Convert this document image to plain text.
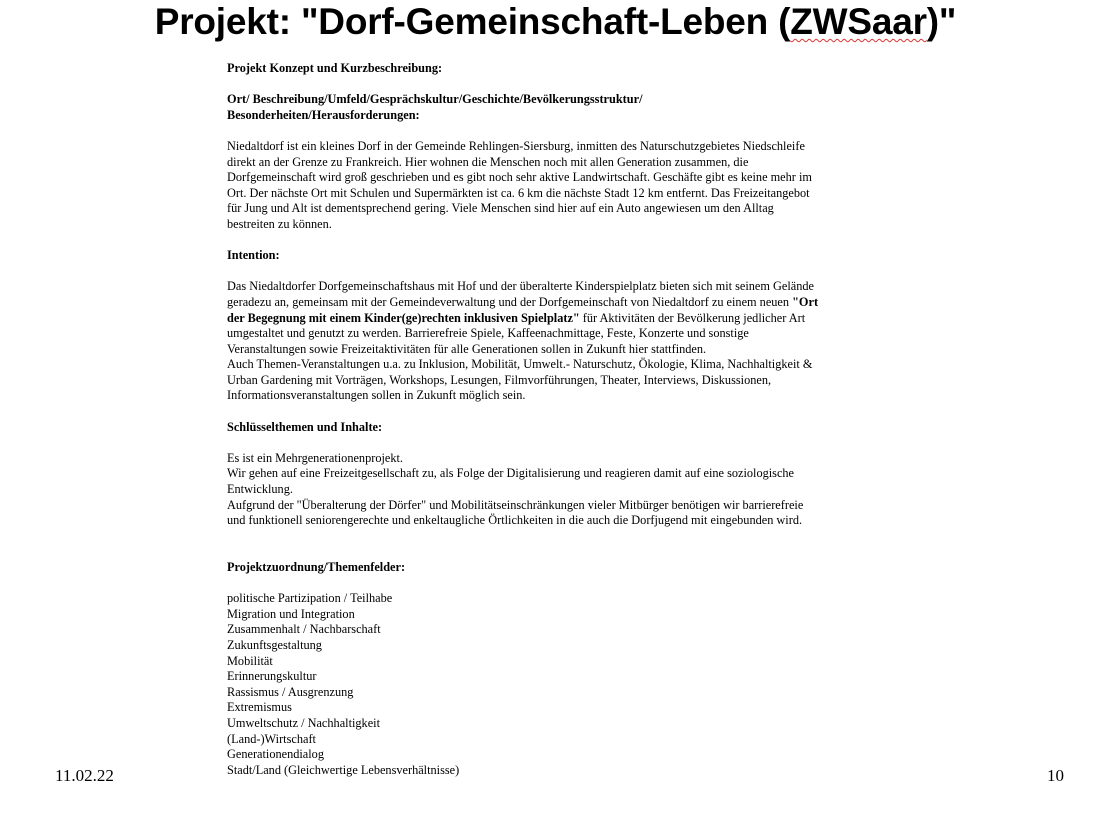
Projekt: "Dorf-Gemeinschaft-Leben (ZWSaar)"

Projekt Konzept und Kurzbeschreibung:

Ort/ Beschreibung/Umfeld/Gesprächskultur/Geschichte/Bevölkerungsstruktur/

Besonderheiten/Herausforderungen:

Niedaltdorf ist ein kleines Dorf in der Gemeinde Rehlingen-Siersburg, inmitten des Naturschutzgebietes Niedschleife

direkt an der Grenze zu Frankreich. Hier wohnen die Menschen noch mit allen Generation zusammen, die

Dorfgemeinschaft wird groß geschrieben und es gibt noch sehr aktive Landwirtschaft. Geschäfte gibt es keine mehr im

Ort. Der nächste Ort mit Schulen und Supermärkten ist ca. 6 km die nächste Stadt 12 km entfernt. Das Freizeitangebot

für Jung und Alt ist dementsprechend gering. Viele Menschen sind hier auf ein Auto angewiesen um den Alltag

bestreiten zu können.

Intention:

Das Niedaltdorfer Dorfgemeinschaftshaus mit Hof und der überalterte Kinderspielplatz bieten sich mit seinem Gelände

geradezu an, gemeinsam mit der Gemeindeverwaltung und der Dorfgemeinschaft von Niedaltdorf zu einem neuen "Ort

der Begegnung mit einem Kinder(ge)rechten inklusiven Spielplatz" für Aktivitäten der Bevölkerung jedlicher Art

umgestaltet und genutzt zu werden. Barrierefreie Spiele, Kaffeenachmittage, Feste, Konzerte und sonstige

Veranstaltungen sowie Freizeitaktivitäten für alle Generationen sollen in Zukunft hier stattfinden.

Auch Themen-Veranstaltungen u.a. zu Inklusion, Mobilität, Umwelt.- Naturschutz, Ökologie, Klima, Nachhaltigkeit &

Urban Gardening mit Vorträgen, Workshops, Lesungen, Filmvorführungen, Theater, Interviews, Diskussionen,

Informationsveranstaltungen sollen in Zukunft möglich sein.

Schlüsselthemen und Inhalte:

Es ist ein Mehrgenerationenprojekt.

Wir gehen auf eine Freizeitgesellschaft zu, als Folge der Digitalisierung und reagieren damit auf eine soziologische

Entwicklung.

Aufgrund der "Überalterung der Dörfer" und Mobilitätseinschränkungen vieler Mitbürger benötigen wir barrierefreie

und funktionell seniorengerechte und enkeltaugliche Örtlichkeiten in die auch die Dorfjugend mit eingebunden wird.

Projektzuordnung/Themenfelder:

politische Partizipation / Teilhabe
Migration und Integration
Zusammenhalt / Nachbarschaft
Zukunftsgestaltung
Mobilität
Erinnerungskultur
Rassismus / Ausgrenzung
Extremismus
Umweltschutz / Nachhaltigkeit
(Land-)Wirtschaft
Generationendialog
Stadt/Land (Gleichwertige Lebensverhältnisse)
11.02.22	10
